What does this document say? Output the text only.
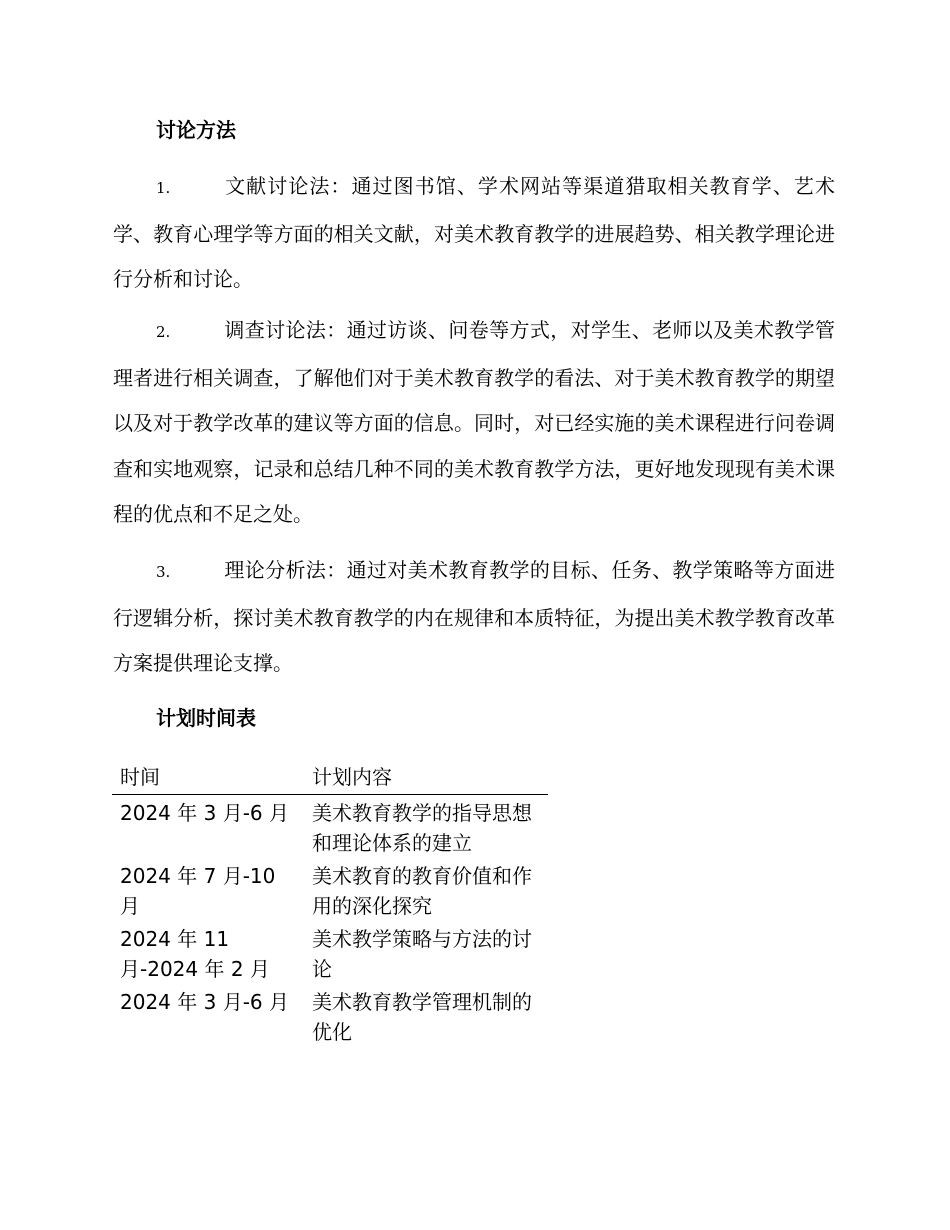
讨论方法

1.	文献讨论法：通过图书馆、学术网站等渠道猎取相关教育学、艺术学、教育心理学等方面的相关文献，对美术教育教学的进展趋势、相关教学理论进行分析和讨论。

2.	调查讨论法：通过访谈、问卷等方式，对学生、老师以及美术教学管理者进行相关调查，了解他们对于美术教育教学的看法、对于美术教育教学的期望以及对于教学改革的建议等方面的信息。同时，对已经实施的美术课程进行问卷调查和实地观察，记录和总结几种不同的美术教育教学方法，更好地发现现有美术课程的优点和不足之处。

3.	理论分析法：通过对美术教育教学的目标、任务、教学策略等方面进行逻辑分析，探讨美术教育教学的内在规律和本质特征，为提出美术教学教育改革方案提供理论支撑。

计划时间表
时间	计划内容
2024 年 3 月-6 月	美术教育教学的指导思想和理论体系的建立
2024 年 7 月-10 月	美术教育的教育价值和作用的深化探究
2024 年 11 月-2024 年 2 月	美术教学策略与方法的讨论
2024 年 3 月-6 月	美术教育教学管理机制的优化
